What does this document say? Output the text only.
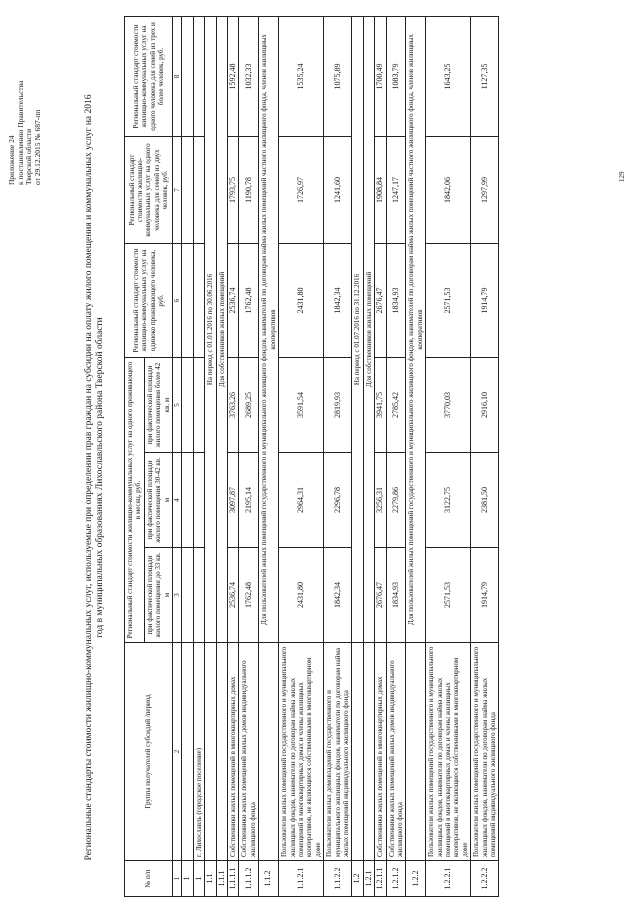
129
Приложение 24 к постановлению Правительства Тверской области от 29.12.2015 № 687-пп	Региональные стандарты стоимости жилищно-коммунальных услуг, используемые при определении прав граждан на субсидии на оплату жилого помещения и коммунальных услуг на 2016 год в муниципальных образованиях Лихославльского района Тверской области
№ п/п	Группа получателей субсидий /период	Региональный стандарт стоимости жилищно-коммунальных услуг на одного проживающего в месяц, руб.			Региональный стандарт стоимости жилищно-коммунальных услуг на одиноко проживающего человека, руб.	Региональный стандарт стоимости жилищно-коммунальных услуг на одного человека для семей из двух человек, руб.	Региональный стандарт стоимости жилищно-коммунальных услуг на одного человека для семей из трех и более человек, руб.
		при фактической площади жилого помещения до 33 кв. м	при фактической площади жилого помещения 30-42 кв. м	при фактической площади жилого помещения более 42 кв. м			
1	2	3	4	5	6	7	8
1							
1	г. Лихославль (городское поселение)						
1.1		На период с 01.01.2016 по 30.06.2016					
1.1.1		Для собственников жилых помещений					
1.1.1.1	Собственники жилых помещений в многоквартирных домах	2536,74	3097,87	3763,26	2536,74	1793,75	1592,48
1.1.1.2	Собственники жилых помещений жилых домов индивидуального жилищного фонда	1762,48	2195,14	2689,25	1762,48	1190,78	1032,33
1.1.2		Для пользователей жилых помещений государственного и муниципального жилищного фондов, нанимателей по договорам найма жилых помещений частного жилищного фонда, членов жилищных кооперативов					
1.1.2.1	Пользователи жилых помещений государственного и муниципального жилищных фондов, наниматели по договорам найма жилых помещений в многоквартирных домах и члены жилищных кооперативов, не являющиеся собственниками в многоквартирном доме	2431,80	2964,31	3591,54	2431,80	1726,97	1535,24
1.1.2.2	Пользователи жилых домовладений государственного и муниципального жилищных фондов, наниматели по договорам найма жилых помещений индивидуального жилищного фонда	1842,34	2296,78	2819,93	1842,34	1241,60	1075,89
1.2		На период с 01.07.2016 по 31.12.2016					
1.2.1		Для собственников жилых помещений					
1.2.1.1	Собственники жилых помещений в многоквартирных домах	2676,47	3256,31	3941,75	2676,47	1908,84	1700,49
1.2.1.2	Собственники жилых помещений жилых домов индивидуального жилищного фонда	1834,93	2279,86	2785,42	1834,93	1247,17	1083,79
1.2.2		Для пользователей жилых помещений государственного и муниципального жилищного фондов, нанимателей по договорам найма жилых помещений частного жилищного фонда, членов жилищных кооперативов					
1.2.2.1	Пользователи жилых помещений государственного и муниципального жилищных фондов, наниматели по договорам найма жилых помещений в многоквартирных домах и члены жилищных кооперативов, не являющиеся собственниками в многоквартирном доме	2571,53	3122,75	3770,03	2571,53	1842,06	1643,25
1.2.2.2	Пользователи жилых помещений государственного и муниципального жилищных фондов, наниматели по договорам найма жилых помещений индивидуального жилищного фонда	1914,79	2381,50	2916,10	1914,79	1297,99	1127,35
